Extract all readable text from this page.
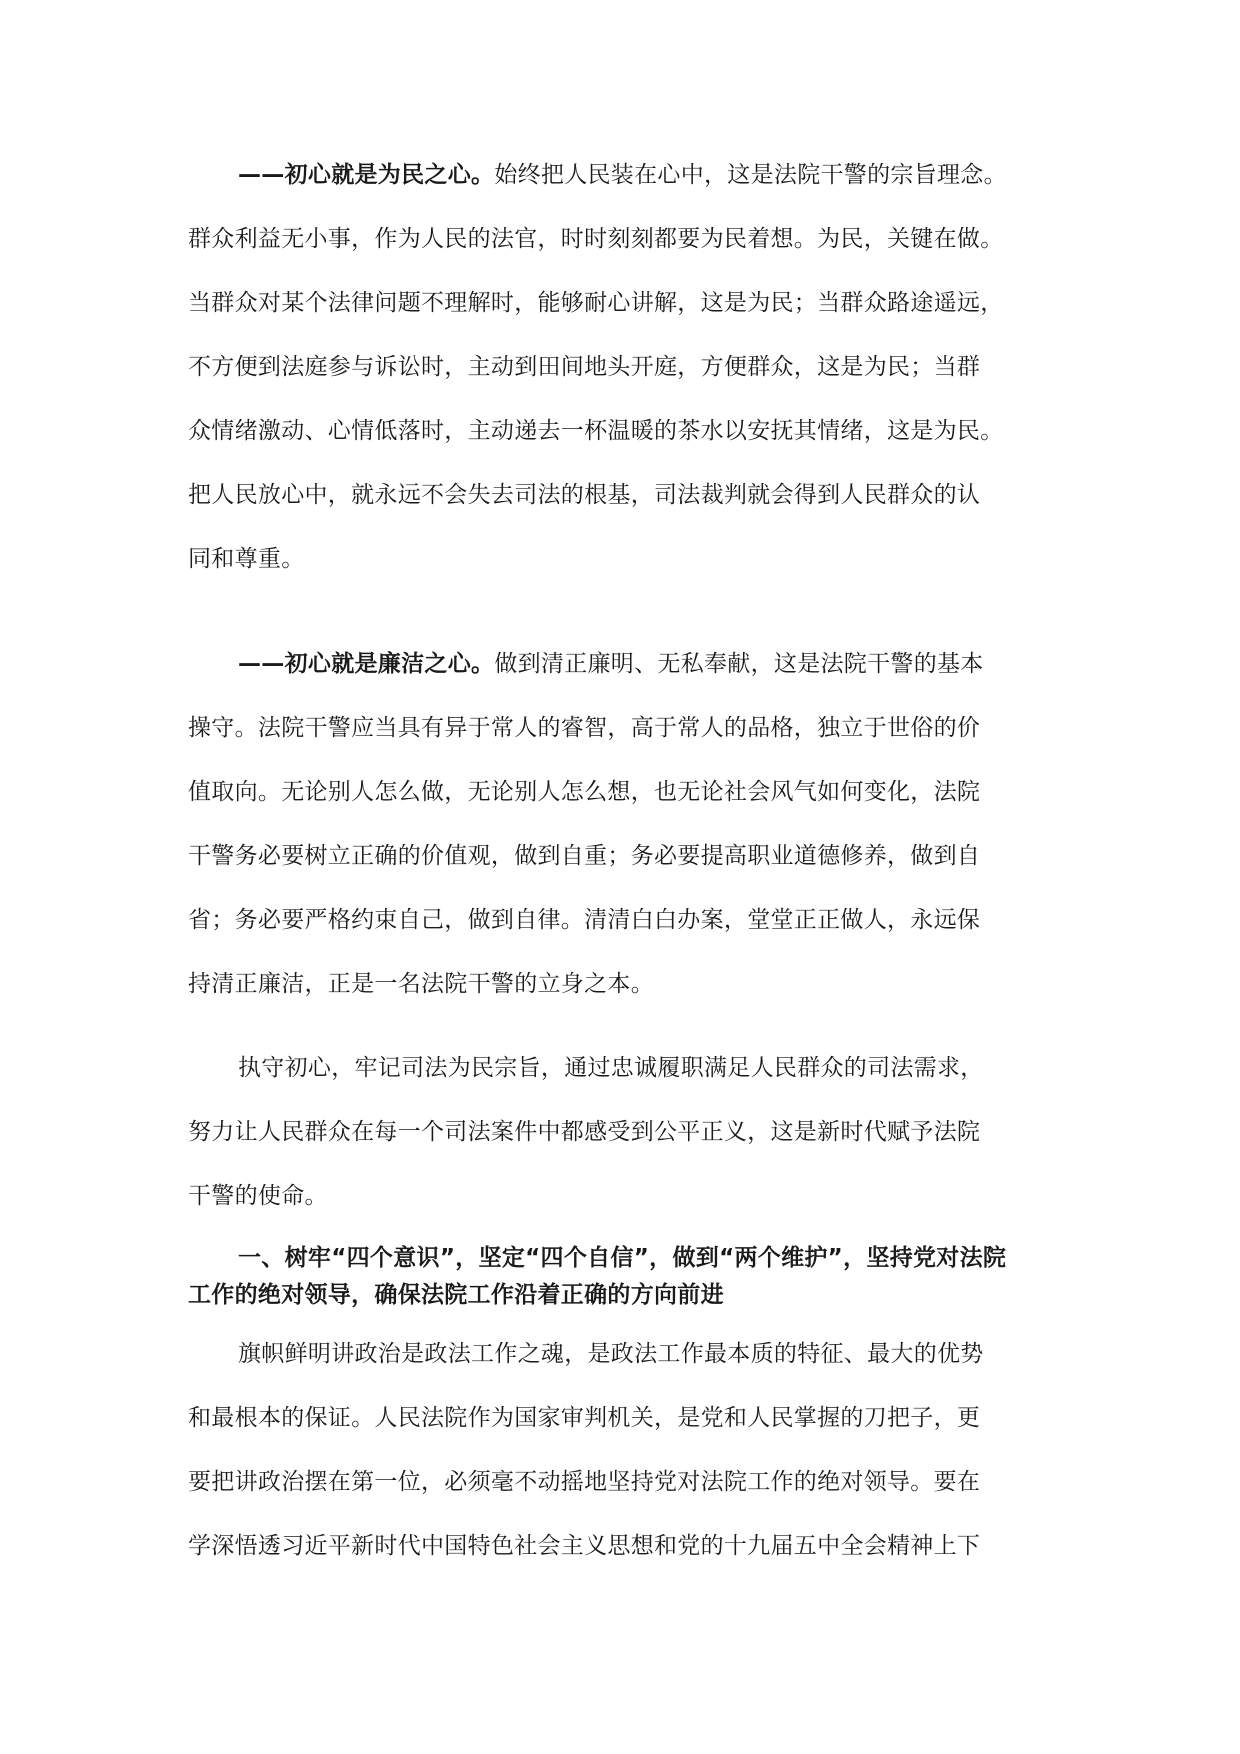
——初心就是为民之心。始终把人民装在心中，这是法院干警的宗旨理念。
群众利益无小事，作为人民的法官，时时刻刻都要为民着想。为民，关键在做。
当群众对某个法律问题不理解时，能够耐心讲解，这是为民；当群众路途遥远，
不方便到法庭参与诉讼时，主动到田间地头开庭，方便群众，这是为民；当群
众情绪激动、心情低落时，主动递去一杯温暖的茶水以安抚其情绪，这是为民。
把人民放心中，就永远不会失去司法的根基，司法裁判就会得到人民群众的认
同和尊重。
——初心就是廉洁之心。做到清正廉明、无私奉献，这是法院干警的基本
操守。法院干警应当具有异于常人的睿智，高于常人的品格，独立于世俗的价
值取向。无论别人怎么做，无论别人怎么想，也无论社会风气如何变化，法院
干警务必要树立正确的价值观，做到自重；务必要提高职业道德修养，做到自
省；务必要严格约束自己，做到自律。清清白白办案，堂堂正正做人，永远保
持清正廉洁，正是一名法院干警的立身之本。
执守初心，牢记司法为民宗旨，通过忠诚履职满足人民群众的司法需求，
努力让人民群众在每一个司法案件中都感受到公平正义，这是新时代赋予法院
干警的使命。
一、树牢“四个意识”，坚定“四个自信”，做到“两个维护”，坚持党对法院
工作的绝对领导，确保法院工作沿着正确的方向前进
旗帜鲜明讲政治是政法工作之魂，是政法工作最本质的特征、最大的优势
和最根本的保证。人民法院作为国家审判机关，是党和人民掌握的刀把子，更
要把讲政治摆在第一位，必须毫不动摇地坚持党对法院工作的绝对领导。要在
学深悟透习近平新时代中国特色社会主义思想和党的十九届五中全会精神上下
